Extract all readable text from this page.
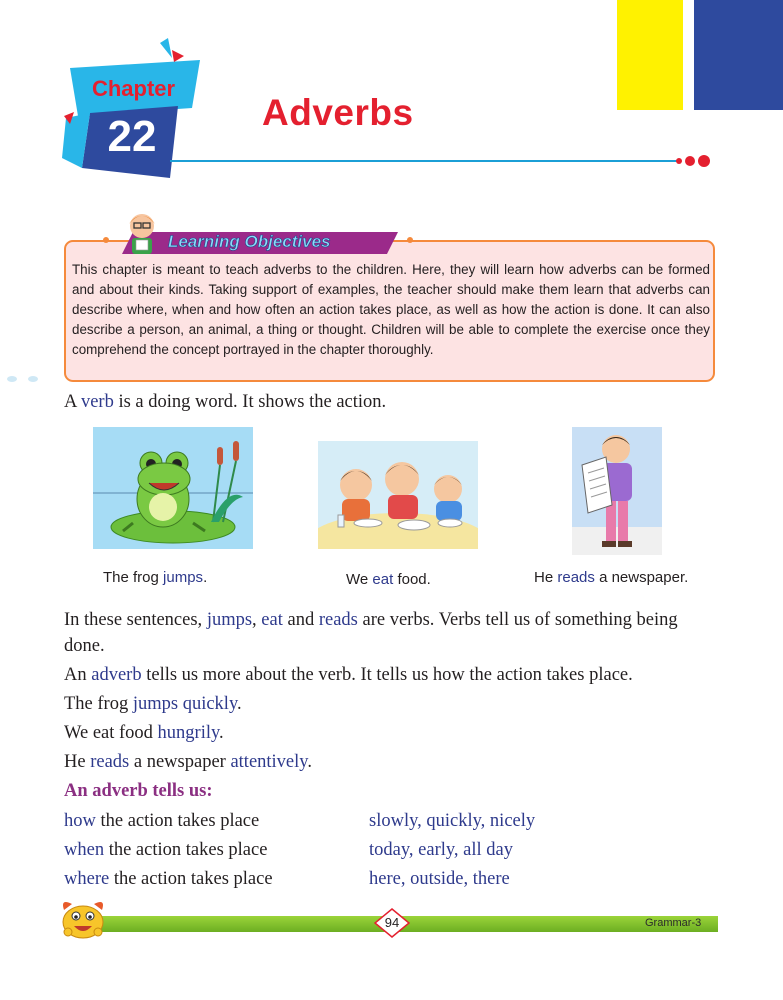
Chapter
22	Adverbs
Learning Objectives
This chapter is meant to teach adverbs to the children. Here, they will learn how adverbs can be formed and about their kinds. Taking support of examples, the teacher should make them learn that adverbs can describe where, when and how often an action takes place, as well as how the action is done. It can also describe a person, an animal, a thing or thought. Children will be able to complete the exercise once they comprehend the concept portrayed in the chapter thoroughly.
A verb is a doing word. It shows the action.
The frog jumps.	We eat food.	He reads a newspaper.
In these sentences, jumps, eat and reads are verbs. Verbs tell us of something being
done.
An adverb tells us more about the verb. It tells us how the action takes place.
The frog jumps quickly.
We eat food hungrily.
He reads a newspaper attentively.
An adverb tells us:
how the action takes place	slowly, quickly, nicely
when the action takes place	today, early, all day
where the action takes place	here, outside, there
94	Grammar-3
